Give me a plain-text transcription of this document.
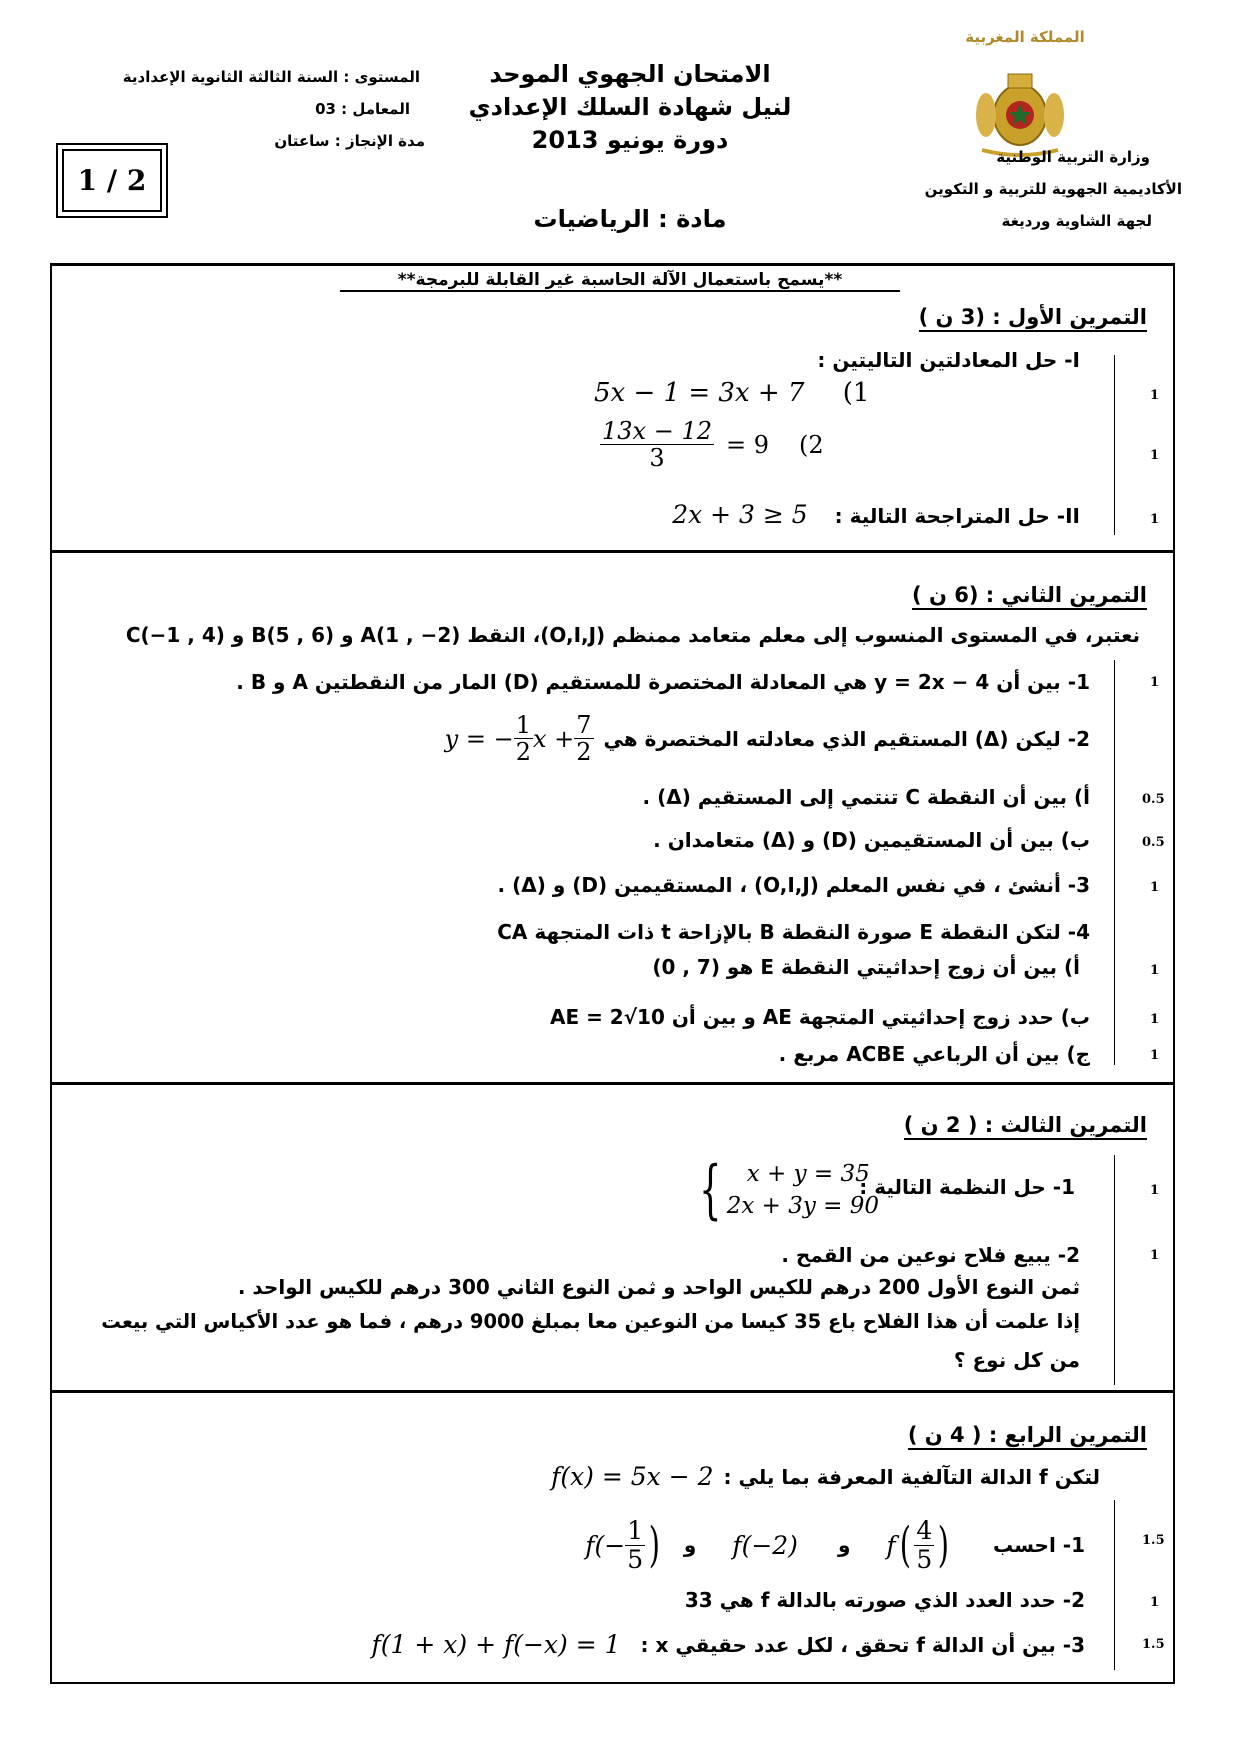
المملكة المغربية
وزارة التربية الوطنية
الأكاديمية الجهوية للتربية و التكوين
لجهة الشاوية ورديغة
الامتحان الجهوي الموحد
لنيل شهادة السلك الإعدادي
دورة يونيو 2013
مادة : الرياضيات
المستوى : السنة الثالثة الثانوية الإعدادية
المعامل : 03
مدة الإنجاز : ساعتان
1 / 2
**يسمح باستعمال الآلة الحاسبة غير القابلة للبرمجة**
التمرين الأول : (3 ن )
I- حل المعادلتين التاليتين :
5x − 1 = 3x + 7 (1
$\frac{13x - 12}{3} = 9$ (2
II- حل المتراجحة التالية : 2x + 3 ≥ 5
1
1
1
التمرين الثاني : (6 ن )
نعتبر، في المستوى المنسوب إلى معلم متعامد ممنظم (O,I,J)، النقط A(1 , −2) و B(5 , 6) و C(−1 , 4)
1- بين أن y = 2x − 4 هي المعادلة المختصرة للمستقيم (D) المار من النقطتين A و B .
2- ليكن (Δ) المستقيم الذي معادلته المختصرة هي
y = − $\frac{1}{2}$ $x + \frac{7}{2}$
أ) بين أن النقطة C تنتمي إلى المستقيم (Δ) .
ب) بين أن المستقيمين (D) و (Δ) متعامدان .
3- أنشئ ، في نفس المعلم (O,I,J) ، المستقيمين (D) و (Δ) .
4- لتكن النقطة E صورة النقطة B بالإزاحة t ذات المتجهة CA
أ) بين أن زوج إحداثيتي النقطة E هو (7 , 0)
ب) حدد زوج إحداثيتي المتجهة AE و بين أن AE = 2√10
ج) بين أن الرباعي ACBE مربع .
1
0.5
0.5
1
1
1
1
التمرين الثالث : ( 2 ن )
1- حل النظمة التالية :
{	x + y = 35
2x + 3y = 90
2- يبيع فلاح نوعين من القمح .
ثمن النوع الأول 200 درهم للكيس الواحد و ثمن النوع الثاني 300 درهم للكيس الواحد .
إذا علمت أن هذا الفلاح باع 35 كيسا من النوعين معا بمبلغ 9000 درهم ، فما هو عدد الأكياس التي بيعت
من كل نوع ؟
1
1
التمرين الرابع : ( 4 ن )
لتكن f الدالة التآلفية المعرفة بما يلي :
f(x) = 5x − 2
1- احسب
$f(- \frac{1}{5}$ ) و f(−2) و f ( $\frac{4}{5}$ )
2- حدد العدد الذي صورته بالدالة f هي 33
3- بين أن الدالة f تحقق ، لكل عدد حقيقي x :
f(1 + x) + f(−x) = 1
1.5
1
1.5
